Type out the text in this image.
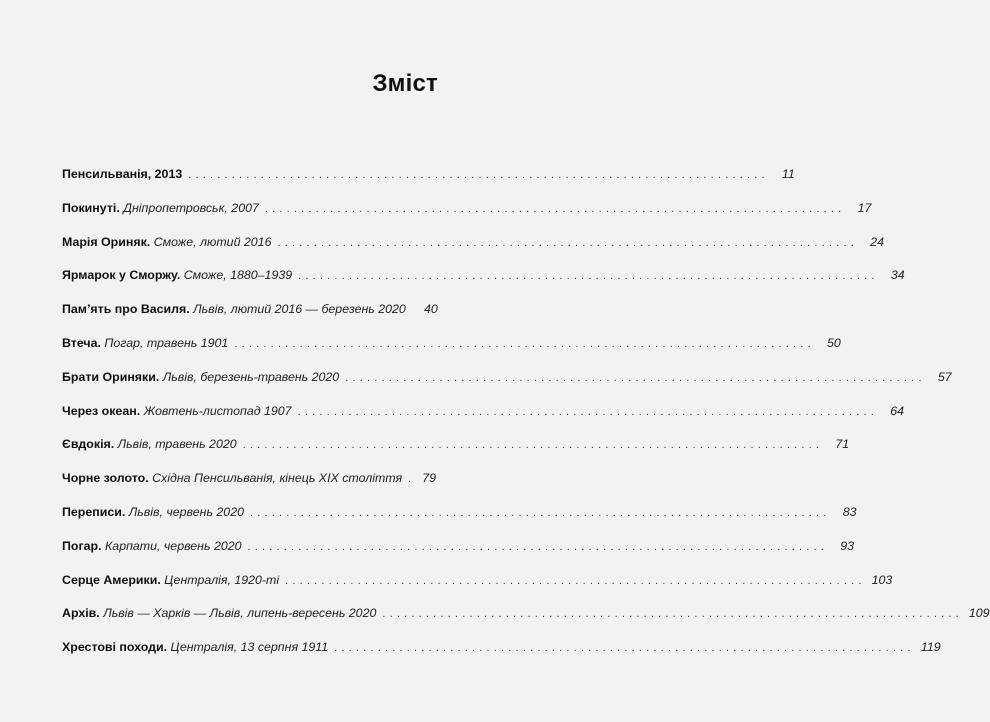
Зміст
Пенсильванія, 2013 ................................................................................	11
Покинуті. Дніпропетровськ, 2007 ................................................................................ 17
Марія Ориняк. Сможе, лютий 2016 ................................................................................ 24
Ярмарок у Сморжу. Сможе, 1880–1939 ................................................................................ 34
Пам’ять про Василя. Львів, лютий 2016 — березень 2020	40
Втеча. Погар, травень 1901 ................................................................................ 50
Брати Ориняки. Львів, березень-травень 2020 ................................................................................ 57
Через океан. Жовтень-листопад 1907 ................................................................................ 64
Євдокія. Львів, травень 2020 ................................................................................ 71
Чорне золото. Східна Пенсильванія, кінець XIX століття	79
Переписи. Львів, червень 2020 ................................................................................ 83
Погар. Карпати, червень 2020 ................................................................................ 93
Серце Америки. Централія, 1920-ті ................................................................................ 103
Архів. Львів — Харків — Львів, липень-вересень 2020 ................................................................................ 109
Хрестові походи. Централія, 13 серпня 1911 ................................................................................ 119
